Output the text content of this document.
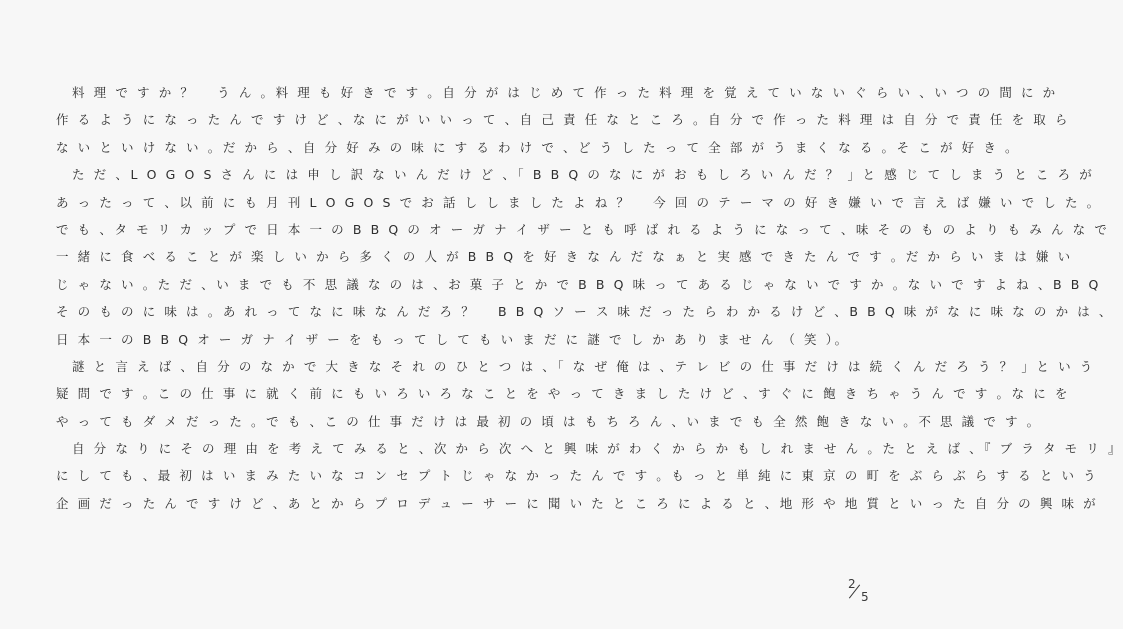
料 理 で す か ？　 う ん 。料 理 も 好 き で す 。自 分 が は じ め て 作 っ た 料 理 を 覚 え て い な い ぐ ら い 、い つ の 間 に か
作 る よ う に な っ た ん で す け ど 、な に が い い っ て 、自 己 責 任 な と こ ろ 。自 分 で 作 っ た 料 理 は 自 分 で 責 任 を 取 ら
な い と い け な い 。だ か ら 、自 分 好 み の 味 に す る わ け で 、ど う し た っ て 全 部 が う ま く な る 。そ こ が 好 き 。
た だ 、L O G O S さ ん に は 申 し 訳 な い ん だ け ど 、「 B B Q の な に が お も し ろ い ん だ ？ 」と 感 じ て し ま う と こ ろ が
あ っ た っ て 、以 前 に も 月 刊 L O G O S で お 話 し し ま し た よ ね ？　 今 回 の テ ー マ の 好 き 嫌 い で 言 え ば 嫌 い で し た 。
で も 、タ モ リ カ ッ プ で 日 本 一 の B B Q の オ ー ガ ナ イ ザ ー と も 呼 ば れ る よ う に な っ て 、味 そ の も の よ り も み ん な で
一 緒 に 食 べ る こ と が 楽 し い か ら 多 く の 人 が B B Q を 好 き な ん だ な ぁ と 実 感 で き た ん で す 。だ か ら い ま は 嫌 い
じ ゃ な い 。た だ 、い ま で も 不 思 議 な の は 、お 菓 子 と か で B B Q 味 っ て あ る じ ゃ な い で す か 。な い で す よ ね 、B B Q
そ の も の に 味 は 。あ れ っ て な に 味 な ん だ ろ ？　 B B Q ソ ー ス 味 だ っ た ら わ か る け ど 、B B Q 味 が な に 味 な の か は 、
日 本 一 の B B Q オ ー ガ ナ イ ザ ー を も っ て し て も い ま だ に 謎 で し か あ り ま せ ん （ 笑 ）。
謎 と 言 え ば 、自 分 の な か で 大 き な そ れ の ひ と つ は 、「 な ぜ 俺 は 、テ レ ビ の 仕 事 だ け は 続 く ん だ ろ う ？ 」と い う
疑 問 で す 。こ の 仕 事 に 就 く 前 に も い ろ い ろ な こ と を や っ て き ま し た け ど 、す ぐ に 飽 き ち ゃ う ん で す 。な に を
や っ て も ダ メ だ っ た 。で も 、こ の 仕 事 だ け は 最 初 の 頃 は も ち ろ ん 、い ま で も 全 然 飽 き な い 。不 思 議 で す 。
自 分 な り に そ の 理 由 を 考 え て み る と 、次 か ら 次 へ と 興 味 が わ く か ら か も し れ ま せ ん 。た と え ば 、『 ブ ラ タ モ リ 』
に し て も 、最 初 は い ま み た い な コ ン セ プ ト じ ゃ な か っ た ん で す 。も っ と 単 純 に 東 京 の 町 を ぶ ら ぶ ら す る と い う
企 画 だ っ た ん で す け ど 、あ と か ら プ ロ デ ュ ー サ ー に 聞 い た と こ ろ に よ る と 、地 形 や 地 質 と い っ た 自 分 の 興 味 が
2
5
